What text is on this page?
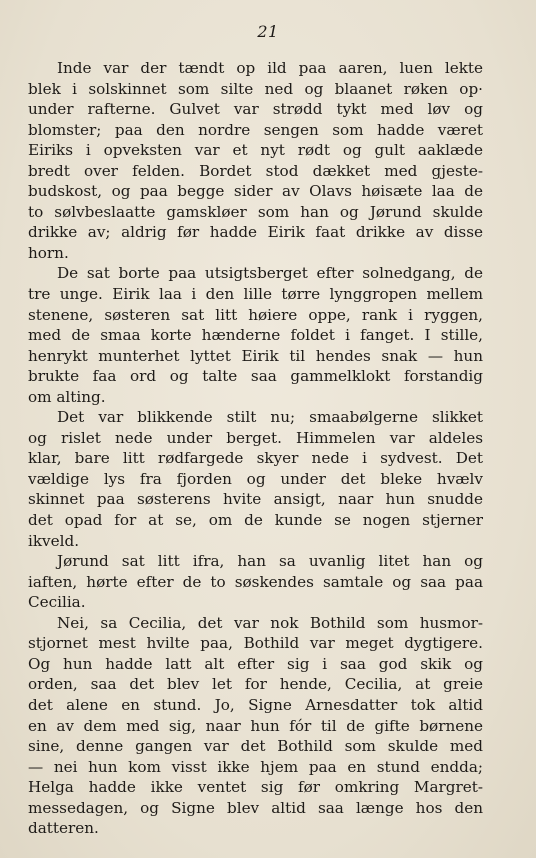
21
Inde var der tændt op ild paa aaren, luen lekte
blek i solskinnet som silte ned og blaanet røken op·
under rafterne. Gulvet var strødd tykt med løv og
blomster; paa den nordre sengen som hadde været
Eiriks i opveksten var et nyt rødt og gult aaklæde
bredt over felden. Bordet stod dækket med gjeste-
budskost, og paa begge sider av Olavs høisæte laa de
to sølvbeslaatte gamskløer som han og Jørund skulde
drikke av; aldrig før hadde Eirik faat drikke av disse
horn.
De sat borte paa utsigtsberget efter solnedgang, de
tre unge. Eirik laa i den lille tørre lynggropen mellem
stenene, søsteren sat litt høiere oppe, rank i ryggen,
med de smaa korte hænderne foldet i fanget. I stille,
henrykt munterhet lyttet Eirik til hendes snak — hun
brukte faa ord og talte saa gammelklokt forstandig
om alting.
Det var blikkende stilt nu; smaabølgerne slikket
og rislet nede under berget. Himmelen var aldeles
klar, bare litt rødfargede skyer nede i sydvest. Det
vældige lys fra fjorden og under det bleke hvælv
skinnet paa søsterens hvite ansigt, naar hun snudde
det opad for at se, om de kunde se nogen stjerner
ikveld.
Jørund sat litt ifra, han sa uvanlig litet han og
iaften, hørte efter de to søskendes samtale og saa paa
Cecilia.
Nei, sa Cecilia, det var nok Bothild som husmor-
stjornet mest hvilte paa, Bothild var meget dygtigere.
Og hun hadde latt alt efter sig i saa god skik og
orden, saa det blev let for hende, Cecilia, at greie
det alene en stund. Jo, Signe Arnesdatter tok altid
en av dem med sig, naar hun fór til de gifte børnene
sine, denne gangen var det Bothild som skulde med
— nei hun kom visst ikke hjem paa en stund endda;
Helga hadde ikke ventet sig før omkring Margret-
messedagen, og Signe blev altid saa længe hos den
datteren.
